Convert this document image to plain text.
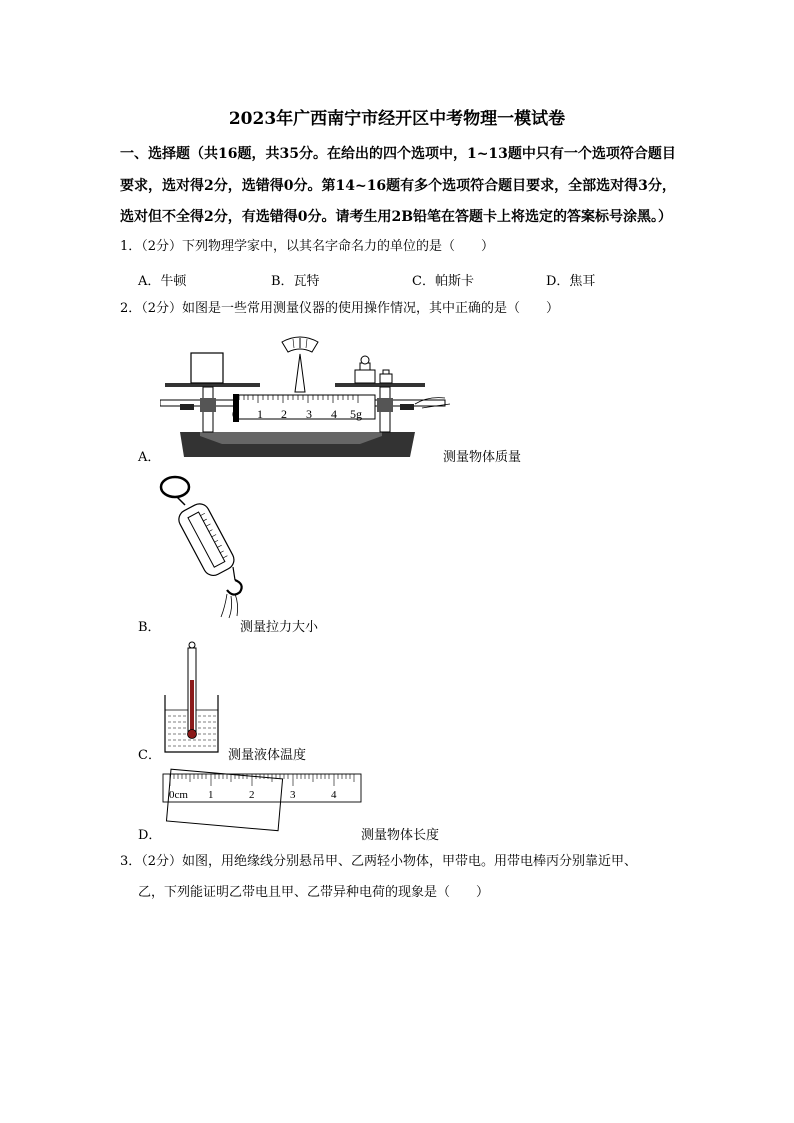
2023年广西南宁市经开区中考物理一模试卷
一、选择题（共16题，共35分。在给出的四个选项中，1~13题中只有一个选项符合题目
要求，选对得2分，选错得0分。第14~16题有多个选项符合题目要求，全部选对得3分，
选对但不全得2分，有选错得0分。请考生用2B铅笔在答题卡上将选定的答案标号涂黑。）
1．（2分）下列物理学家中，以其名字命名力的单位的是（　　）
A．牛顿	B．瓦特	C．帕斯卡	D．焦耳
2．（2分）如图是一些常用测量仪器的使用操作情况，其中正确的是（　　）
1 2 3 4 5g
A．	测量物体质量
B．	测量拉力大小
C．	测量液体温度
0cm 1	2	3	4
D．	测量物体长度
3．（2分）如图，用绝缘线分别悬吊甲、乙两轻小物体，甲带电。用带电棒丙分别靠近甲、
乙，下列能证明乙带电且甲、乙带异种电荷的现象是（　　）
